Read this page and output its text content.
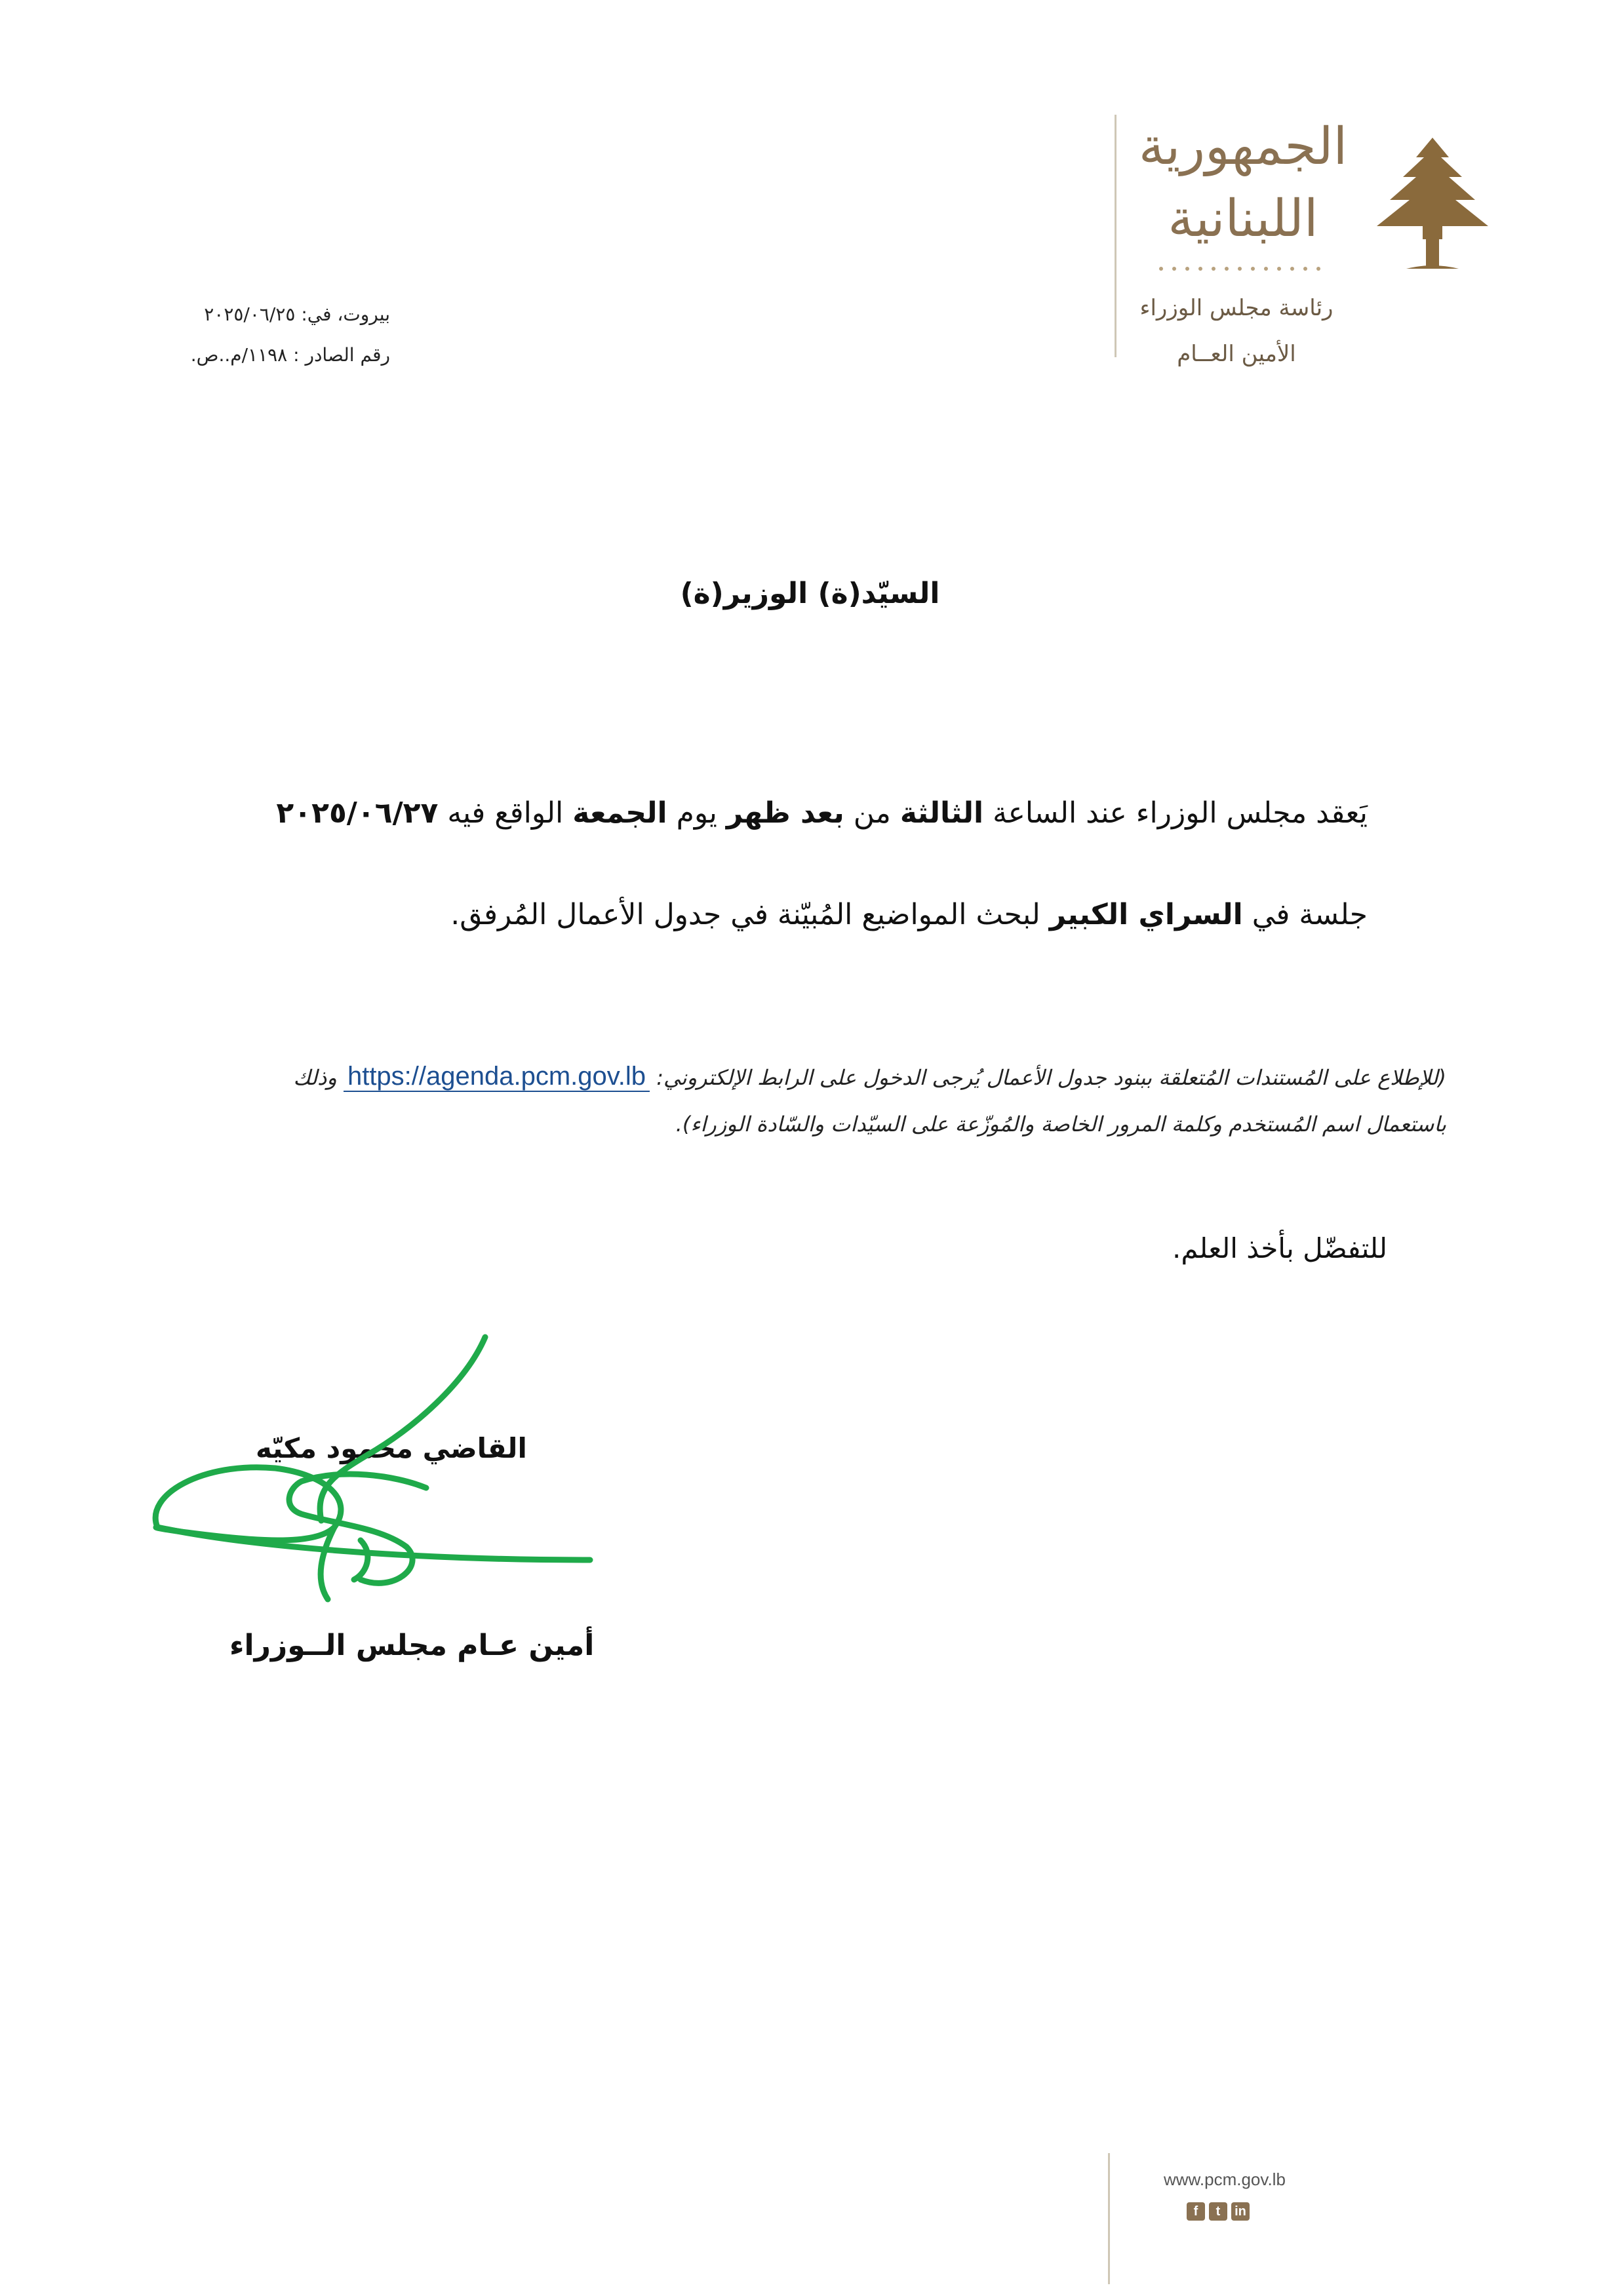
الجمهورية
اللبنانية
رئاسة مجلس الوزراء
الأمين العــام
بيروت، في: ٢٠٢٥/٠٦/٢٥
رقم الصادر : ١١٩٨/م..ص.
السيّد(ة) الوزير(ة)
يَعقد مجلس الوزراء عند الساعة الثالثة من بعد ظهر يوم الجمعة الواقع فيه ٢٠٢٥/٠٦/٢٧
جلسة في السراي الكبير لبحث المواضيع المُبيّنة في جدول الأعمال المُرفق.
(للإطلاع على المُستندات المُتعلقة ببنود جدول الأعمال يُرجى الدخول على الرابط الإلكتروني: https://agenda.pcm.gov.lb وذلك
باستعمال اسم المُستخدم وكلمة المرور الخاصة والمُوزّعة على السيّدات والسّادة الوزراء).
للتفضّل بأخذ العلم.
القاضي محمود مكيّه
أمين عـام مجلس الــوزراء
www.pcm.gov.lb
f	t	in
